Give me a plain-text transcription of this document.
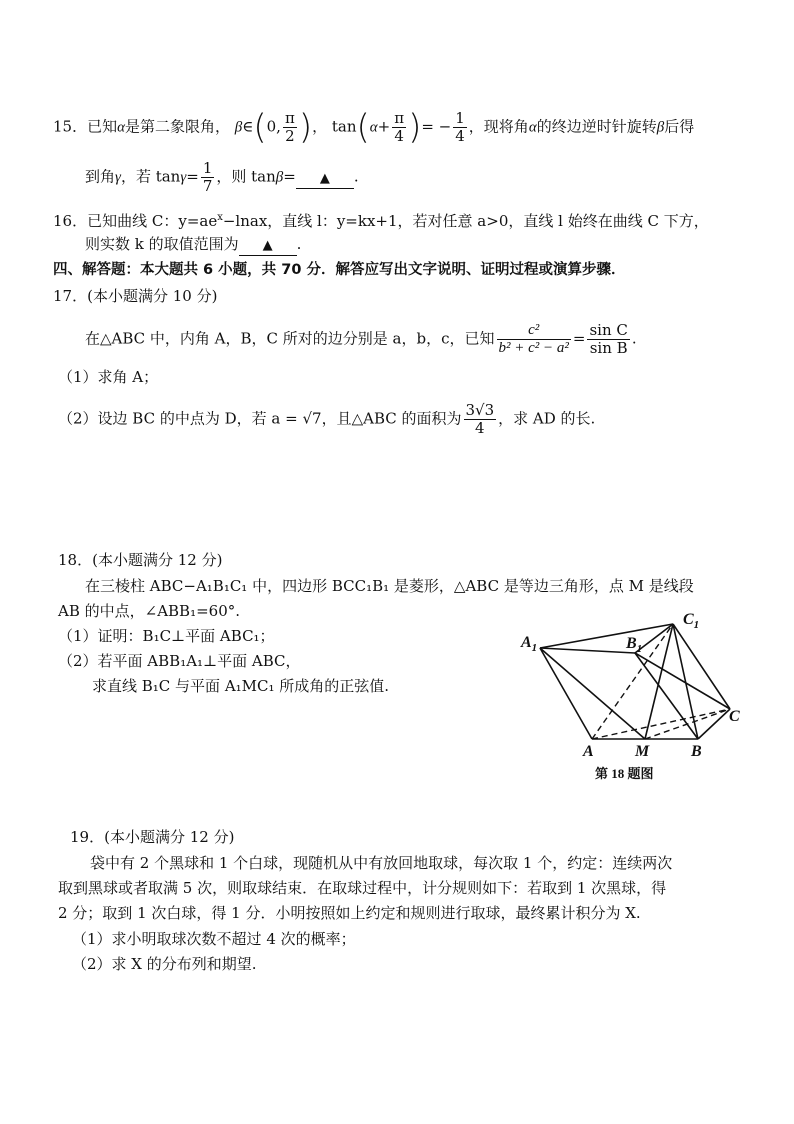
15．已知α是第二象限角， β∈(0, $\frac{\pi}{2}$ )， $\tan(\alpha+ \frac{\pi}{4}$ )= − $\frac{1}{4}$ ，现将角α的终边逆时针旋转β后得
到角γ，若 $\tan\gamma= \frac{1}{7}$ ，则 tanβ= ▲ .
16．已知曲线 C：$y=ae^x-lnax$，直线 l：y=kx+1，若对任意 a>0，直线 l 始终在曲线 C 下方，
则实数 k 的取值范围为 ▲ .
四、解答题：本大题共 6 小题，共 70 分．解答应写出文字说明、证明过程或演算步骤．
17．(本小题满分 10 分)
在△ABC 中，内角 A，B，C 所对的边分别是 a，b，c，已知 $\frac{\text{c²}}{\text{b² + c² − a²}} = \frac{\text{sin C}}{\text{sin B}}$ .
（1）求角 A；
（2）设边 BC 的中点为 D，若 a = √7，且△ABC 的面积为 $\frac{3√3}{4}$ ，求 AD 的长.
18．(本小题满分 12 分)
在三棱柱 ABC−A₁B₁C₁ 中，四边形 BCC₁B₁ 是菱形，△ABC 是等边三角形，点 M 是线段
AB 的中点，∠ABB₁=60°.
（1）证明：B₁C⊥平面 ABC₁；
（2）若平面 ABB₁A₁⊥平面 ABC，
求直线 B₁C 与平面 A₁MC₁ 所成角的正弦值.
$A_1$	$B_1$
$C_1$
A	M	B
C
第 18 题图
19．(本小题满分 12 分)
袋中有 2 个黑球和 1 个白球，现随机从中有放回地取球，每次取 1 个，约定：连续两次
取到黑球或者取满 5 次，则取球结束．在取球过程中，计分规则如下：若取到 1 次黑球，得
2 分；取到 1 次白球，得 1 分．小明按照如上约定和规则进行取球，最终累计积分为 X.
（1）求小明取球次数不超过 4 次的概率；
（2）求 X 的分布列和期望.
